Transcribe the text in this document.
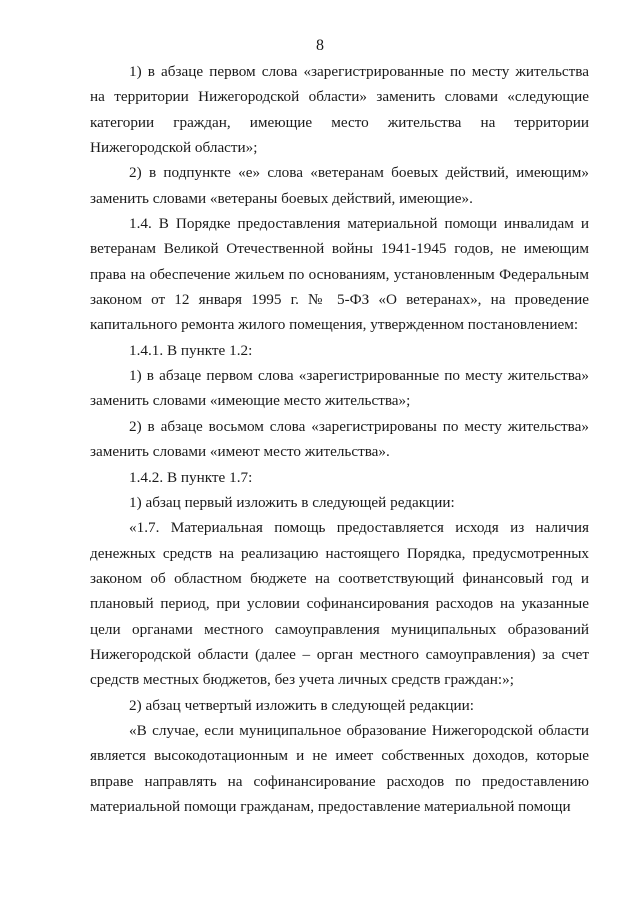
8

1) в абзаце первом слова «зарегистрированные по месту жительства на территории Нижегородской области» заменить словами «следующие категории граждан, имеющие место жительства на территории Нижегородской области»;

2) в подпункте «е» слова «ветеранам боевых действий, имеющим» заменить словами «ветераны боевых действий, имеющие».

1.4. В Порядке предоставления материальной помощи инвалидам и ветеранам Великой Отечественной войны 1941-1945 годов, не имеющим права на обеспечение жильем по основаниям, установленным Федеральным законом от 12 января 1995 г. № 5-ФЗ «О ветеранах», на проведение капитального ремонта жилого помещения, утвержденном постановлением:

1.4.1. В пункте 1.2:

1) в абзаце первом слова «зарегистрированные по месту жительства» заменить словами «имеющие место жительства»;

2) в абзаце восьмом слова «зарегистрированы по месту жительства» заменить словами «имеют место жительства».

1.4.2. В пункте 1.7:

1) абзац первый изложить в следующей редакции:

«1.7. Материальная помощь предоставляется исходя из наличия денежных средств на реализацию настоящего Порядка, предусмотренных законом об областном бюджете на соответствующий финансовый год и плановый период, при условии софинансирования расходов на указанные цели органами местного самоуправления муниципальных образований Нижегородской области (далее – орган местного самоуправления) за счет средств местных бюджетов, без учета личных средств граждан:»;

2) абзац четвертый изложить в следующей редакции:

«В случае, если муниципальное образование Нижегородской области является высокодотационным и не имеет собственных доходов, которые вправе направлять на софинансирование расходов по предоставлению материальной помощи гражданам, предоставление материальной помощи
